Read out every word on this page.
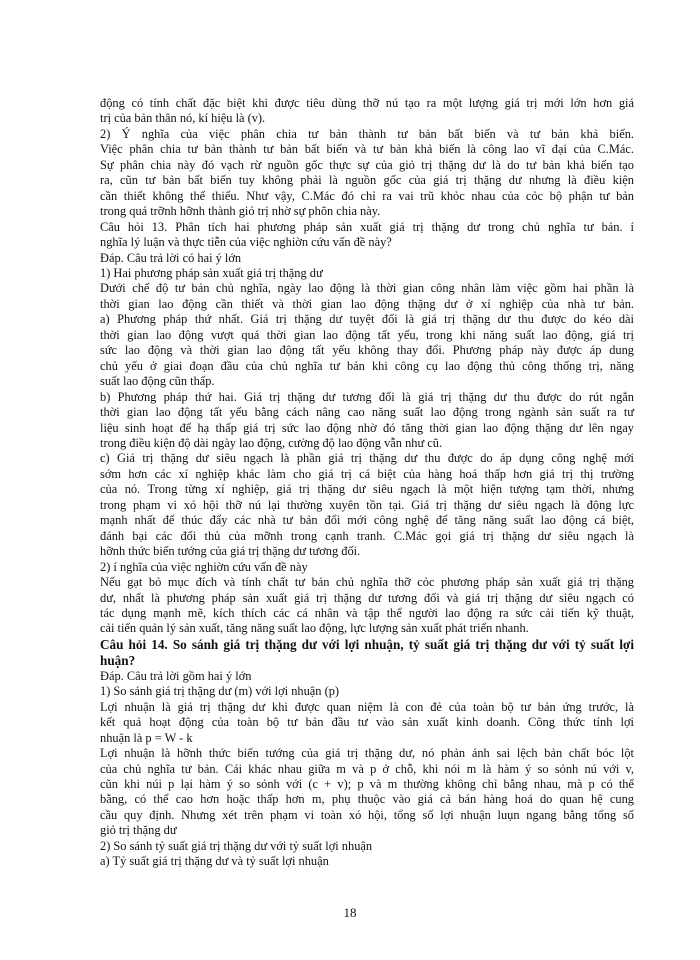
động có tính chất đặc biệt khi được tiêu dùng thỡ nú tạo ra một lượng giá trị mới lớn hơn giá

trị của bản thân nó, kí hiệu là (v).

2) Ý nghĩa của việc phân chia tư bản thành tư bản bất biến và tư bản khả biến.

Việc phân chia tư bản thành tư bản bất biến và tư bản khả biến là công lao vĩ đại của C.Mác.

Sự phân chia này đó vạch rừ nguồn gốc thực sự của giỏ trị thặng dư là do tư bản khả biến tạo

ra, cũn tư bản bất biến tuy không phải là nguồn gốc của giá trị thặng dư nhưng là điều kiện

cần thiết không thể thiếu. Như vậy, C.Mác đó chỉ ra vai trũ khỏc nhau của cỏc bộ phận tư bản

trong quá trỡnh hỡnh thành giỏ trị nhờ sự phõn chia này.

Câu hỏi 13. Phân tích hai phương pháp sản xuất giá trị thặng dư trong chủ nghĩa tư bản. í

nghĩa lý luận và thực tiễn của việc nghiờn cứu vấn đề này?

Đáp. Câu trả lời có hai ý lớn

1) Hai phương pháp sản xuất giá trị thặng dư

Dưới chế độ tư bản chủ nghĩa, ngày lao động là thời gian công nhân làm việc gồm hai phần là

thời gian lao động cần thiết và thời gian lao động thặng dư ở xí nghiệp của nhà tư bản.

a) Phương pháp thứ nhất. Giá trị thặng dư tuyệt đối là giá trị thặng dư thu được do kéo dài

thời gian lao động vượt quá thời gian lao động tất yếu, trong khi năng suất lao động, giá trị

sức lao động và thời gian lao động tất yếu không thay đổi. Phương pháp này được áp dung

chủ yếu ở giai đoạn đầu của chủ nghĩa tư bản khi công cụ lao động thủ công thống trị, năng

suất lao động cũn thấp.

b) Phương pháp thứ hai. Giá trị thặng dư tương đối là giá trị thặng dư thu được do rút ngắn

thời gian lao động tất yếu bằng cách nâng cao năng suất lao động trong ngành sản suất ra tư

liệu sinh hoạt để hạ thấp giá trị sức lao động nhờ đó tăng thời gian lao động thặng dư lên ngay

trong điều kiện độ dài ngày lao động, cường độ lao động vẫn như cũ.

c) Giá trị thặng dư siêu ngạch là phần giá trị thặng dư thu được do áp dụng công nghệ mới

sớm hơn các xí nghiệp khác làm cho giá trị cá biệt của hàng hoá thấp hơn giá trị thị trường

của nó. Trong từng xí nghiệp, giá trị thặng dư siêu ngạch là một hiện tượng tạm thời, nhưng

trong phạm vi xó hội thỡ nú lại thường xuyên tồn tại. Giá trị thặng dư siêu ngạch là động lực

mạnh nhất để thúc đẩy các nhà tư bản đổi mới công nghệ để tăng năng suất lao động cá biệt,

đánh bại các đối thủ của mỡnh trong cạnh tranh. C.Mác gọi giá trị thặng dư siêu ngạch là

hỡnh thức biến tướng của giá trị thặng dư tương đối.

2) í nghĩa của việc nghiờn cứu vấn đề này

Nếu gạt bỏ mục đích và tính chất tư bản chủ nghĩa thỡ cỏc phương pháp sản xuất giá trị thặng

dư, nhất là phương pháp sản xuất giá trị thặng dư tương đối và giá trị thặng dư siêu ngạch có

tác dụng mạnh mẽ, kích thích các cá nhân và tập thể người lao động ra sức cải tiến kỹ thuật,

cải tiến quản lý sản xuất, tăng năng suất lao động, lực lượng sản xuất phát triển nhanh.

Câu hỏi 14. So sánh giá trị thặng dư với lợi nhuận, tỷ suất giá trị thặng dư với tỷ suất lợi

huận?

Đáp. Câu trả lời gồm hai ý lớn

1) So sánh giá trị thặng dư (m) với lợi nhuận (p)

Lợi nhuận là giá trị thặng dư khi được quan niệm là con đẻ của toàn bộ tư bản ứng trước, là

kết quả hoạt động của toàn bộ tư bản đầu tư vào sản xuất kinh doanh. Công thức tính lợi

nhuận là p = W - k

Lợi nhuận là hỡnh thức biến tướng của giá trị thặng dư, nó phản ánh sai lệch bản chất bóc lột

của chủ nghĩa tư bản. Cái khác nhau giữa m và p ở chỗ, khi nói m là hàm ý so sỏnh nú với v,

cũn khi núi p lại hàm ý so sỏnh với (c + v); p và m thường không chỉ bằng nhau, mà p có thể

bằng, có thể cao hơn hoặc thấp hơn m, phụ thuộc vào giá cả bán hàng hoá do quan hệ cung

cầu quy định. Nhưng xét trên phạm vi toàn xó hội, tổng số lợi nhuận luụn ngang bằng tổng số

giỏ trị thặng dư

2) So sánh tỷ suất giá trị thặng dư với tỷ suất lợi nhuận

a) Tỷ suất giá trị thặng dư và tỷ suất lợi nhuận

18
